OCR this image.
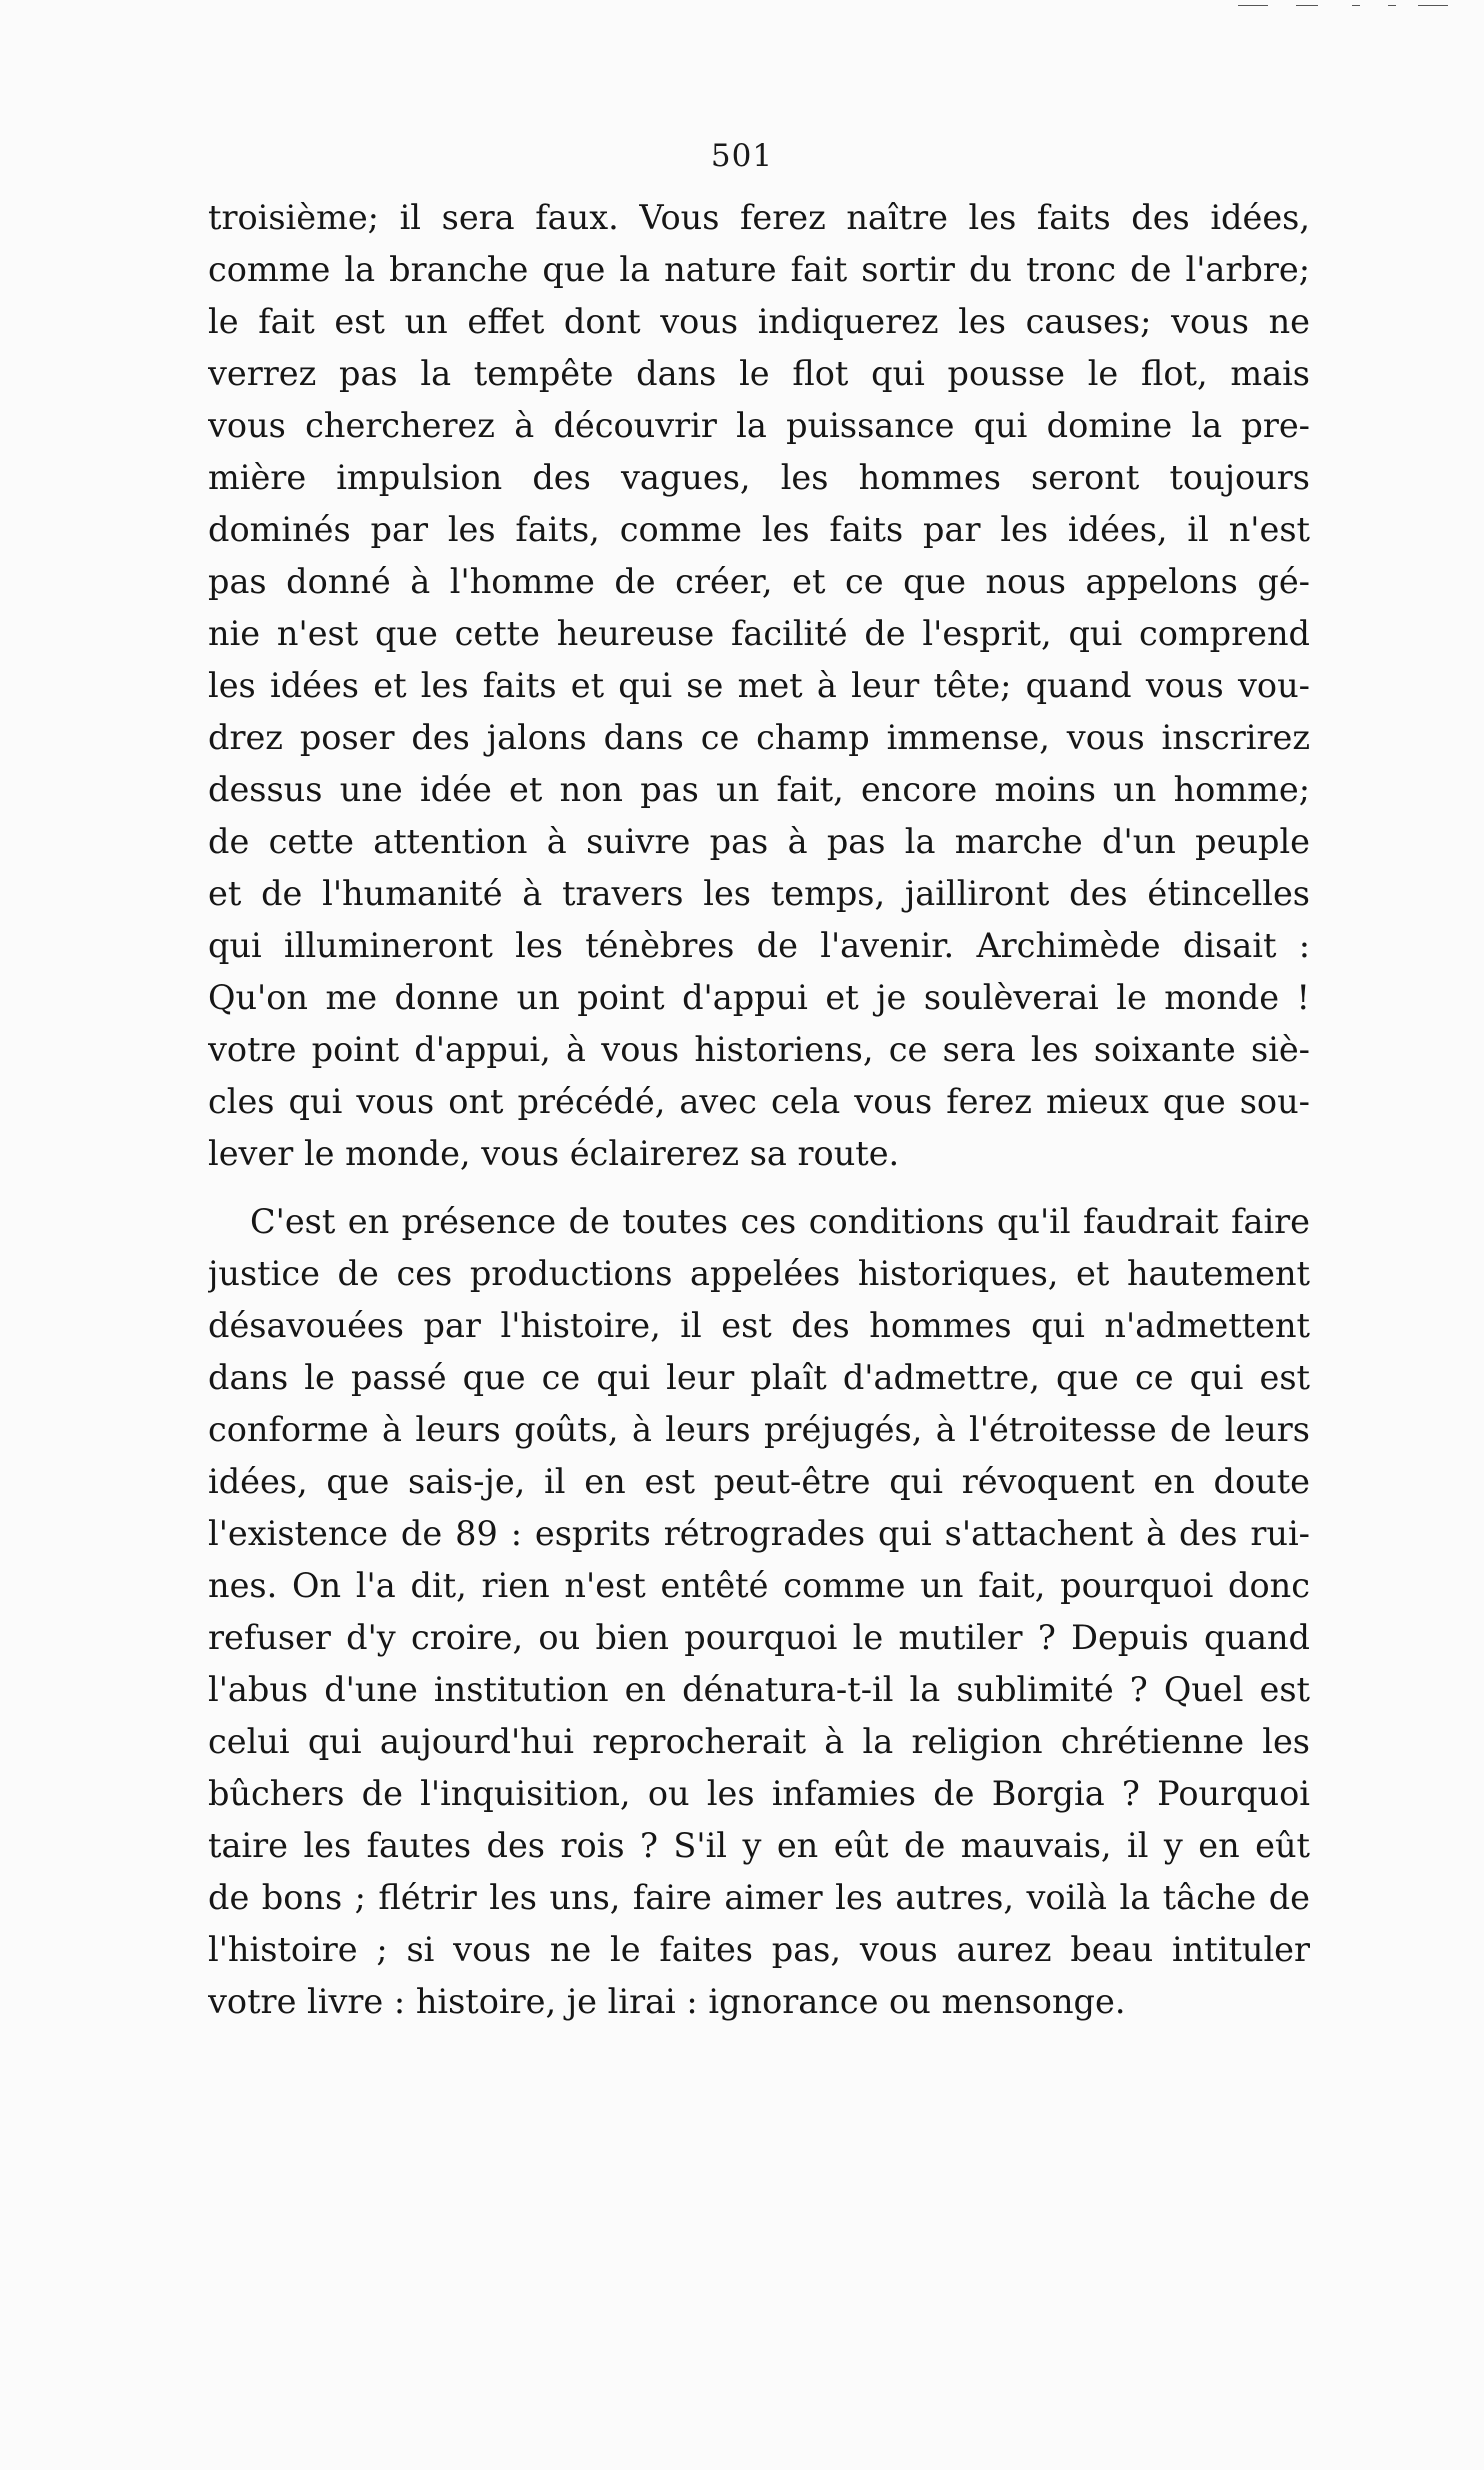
501
troisième; il sera faux. Vous ferez naître les faits des idées,
comme la branche que la nature fait sortir du tronc de l'arbre;
le fait est un effet dont vous indiquerez les causes; vous ne
verrez pas la tempête dans le flot qui pousse le flot, mais
vous chercherez à découvrir la puissance qui domine la pre-
mière impulsion des vagues, les hommes seront toujours
dominés par les faits, comme les faits par les idées, il n'est
pas donné à l'homme de créer, et ce que nous appelons gé-
nie n'est que cette heureuse facilité de l'esprit, qui comprend
les idées et les faits et qui se met à leur tête; quand vous vou-
drez poser des jalons dans ce champ immense, vous inscrirez
dessus une idée et non pas un fait, encore moins un homme;
de cette attention à suivre pas à pas la marche d'un peuple
et de l'humanité à travers les temps, jailliront des étincelles
qui illumineront les ténèbres de l'avenir. Archimède disait :
Qu'on me donne un point d'appui et je soulèverai le monde !
votre point d'appui, à vous historiens, ce sera les soixante siè-
cles qui vous ont précédé, avec cela vous ferez mieux que sou-
lever le monde, vous éclairerez sa route.
C'est en présence de toutes ces conditions qu'il faudrait faire
justice de ces productions appelées historiques, et hautement
désavouées par l'histoire, il est des hommes qui n'admettent
dans le passé que ce qui leur plaît d'admettre, que ce qui est
conforme à leurs goûts, à leurs préjugés, à l'étroitesse de leurs
idées, que sais-je, il en est peut-être qui révoquent en doute
l'existence de 89 : esprits rétrogrades qui s'attachent à des rui-
nes. On l'a dit, rien n'est entêté comme un fait, pourquoi donc
refuser d'y croire, ou bien pourquoi le mutiler ? Depuis quand
l'abus d'une institution en dénatura-t-il la sublimité ? Quel est
celui qui aujourd'hui reprocherait à la religion chrétienne les
bûchers de l'inquisition, ou les infamies de Borgia ? Pourquoi
taire les fautes des rois ? S'il y en eût de mauvais, il y en eût
de bons ; flétrir les uns, faire aimer les autres, voilà la tâche de
l'histoire ; si vous ne le faites pas, vous aurez beau intituler
votre livre : histoire, je lirai : ignorance ou mensonge.
